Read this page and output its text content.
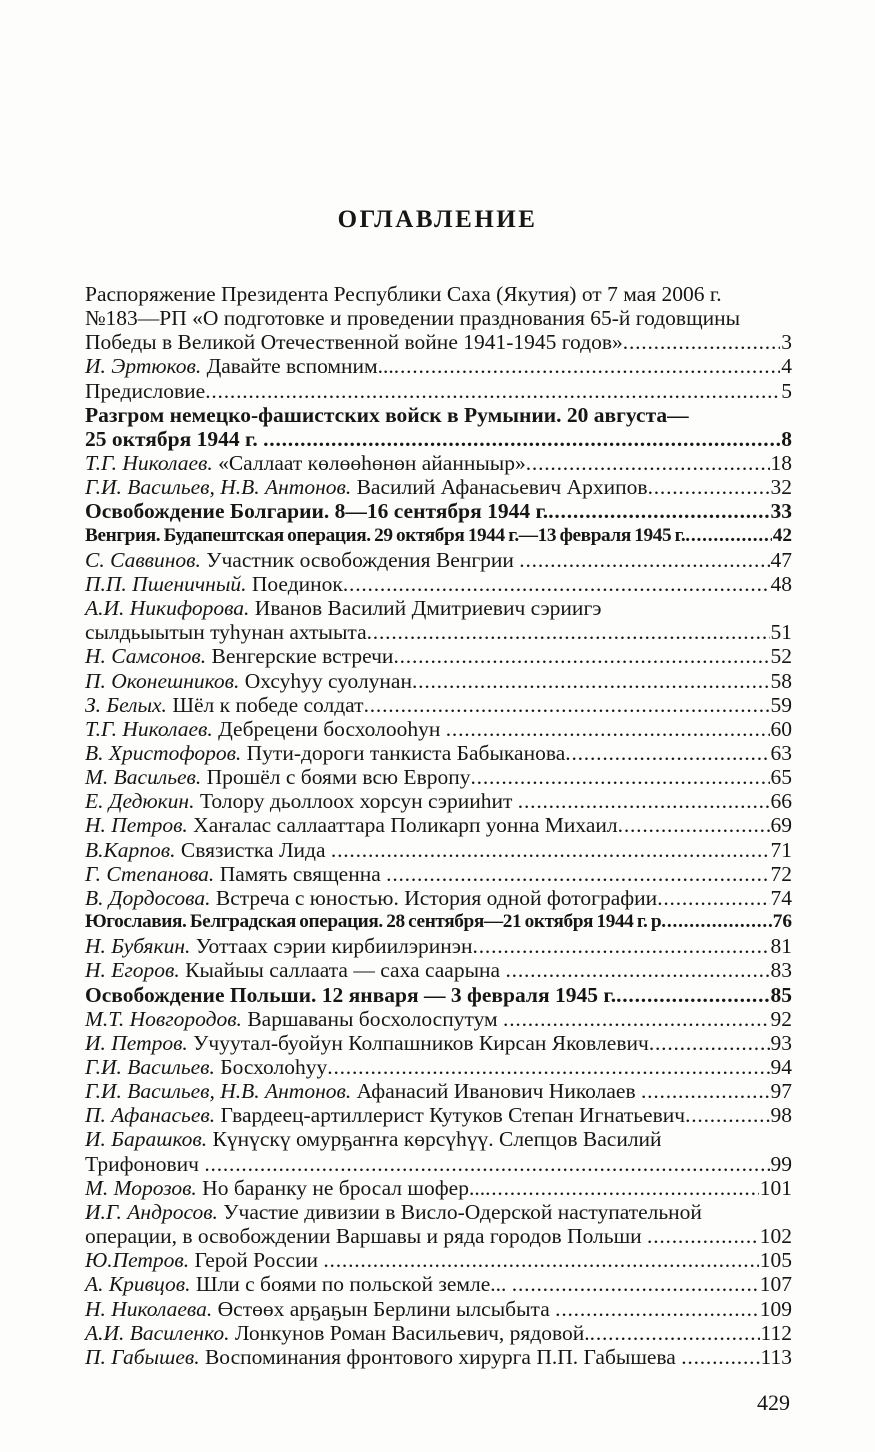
ОГЛАВЛЕНИЕ
Распоряжение Президента Республики Саха (Якутия) от 7 мая 2006 г.
№183—РП «О подготовке и проведении празднования 65-й годовщины
Победы в Великой Отечественной войне 1941-1945 годов» .....	3
И. Эртюков. Давайте вспомним... .....	4
Предисловие .....	5
Разгром немецко-фашистских войск в Румынии. 20 августа—
25 октября 1944 г. .....	8
Т.Г. Николаев. «Саллаат көлөөһөнөн айанныыр» .....	18
Г.И. Васильев, Н.В. Антонов. Василий Афанасьевич Архипов .....	32
Освобождение Болгарии. 8—16 сентября 1944 г. .....	33
Венгрия. Будапештская операция. 29 октября 1944 г.—13 февраля 1945 г. .....	42
С. Саввинов. Участник освобождения Венгрии .....	47
П.П. Пшеничный. Поединок .....	48
А.И. Никифорова. Иванов Василий Дмитриевич сэриигэ
сылдьыытын туһунан ахтыыта .....	51
Н. Самсонов. Венгерские встречи .....	52
П. Оконешников. Охсуһуу суолунан .....	58
З. Белых. Шёл к победе солдат .....	59
Т.Г. Николаев. Дебрецени босхолооһун .....	60
В. Христофоров. Пути-дороги танкиста Бабыканова .....	63
М. Васильев. Прошёл с боями всю Европу .....	65
Е. Дедюкин. Толору дьоллоох хорсун сэрииһит .....	66
Н. Петров. Хаҥалас саллааттара Поликарп уонна Михаил .....	69
В.Карпов. Связистка Лида .....	71
Г. Степанова. Память священна .....	72
В. Дордосова. Встреча с юностью. История одной фотографии .....	74
Югославия. Белградская операция. 28 сентября—21 октября 1944 г. р .....	76
Н. Бубякин. Уоттаах сэрии кирбиилэринэн .....	81
Н. Егоров. Кыайыы саллаата — саха саарына .....	83
Освобождение Польши. 12 января — 3 февраля 1945 г. .....	85
М.Т. Новгородов. Варшаваны босхолоспутум .....	92
И. Петров. Учуутал-буойун Колпашников Кирсан Яковлевич .....	93
Г.И. Васильев. Босхолоһуу .....	94
Г.И. Васильев, Н.В. Антонов. Афанасий Иванович Николаев .....	97
П. Афанасьев. Гвардеец-артиллерист Кутуков Степан Игнатьевич .....	98
И. Барашков. Күнүскү омурҕаҥҥа көрсүһүү. Слепцов Василий
Трифонович .....	99
М. Морозов. Но баранку не бросал шофер... .....	101
И.Г. Андросов. Участие дивизии в Висло-Одерской наступательной
операции, в освобождении Варшавы и ряда городов Польши .....	102
Ю.Петров. Герой России .....	105
А. Кривцов. Шли с боями по польской земле... .....	107
Н. Николаева. Өстөөх арҕаҕын Берлини ылсыбыта .....	109
А.И. Василенко. Лонкунов Роман Васильевич, рядовой. .....	112
П. Габышев. Воспоминания фронтового хирурга П.П. Габышева .....	113
429
